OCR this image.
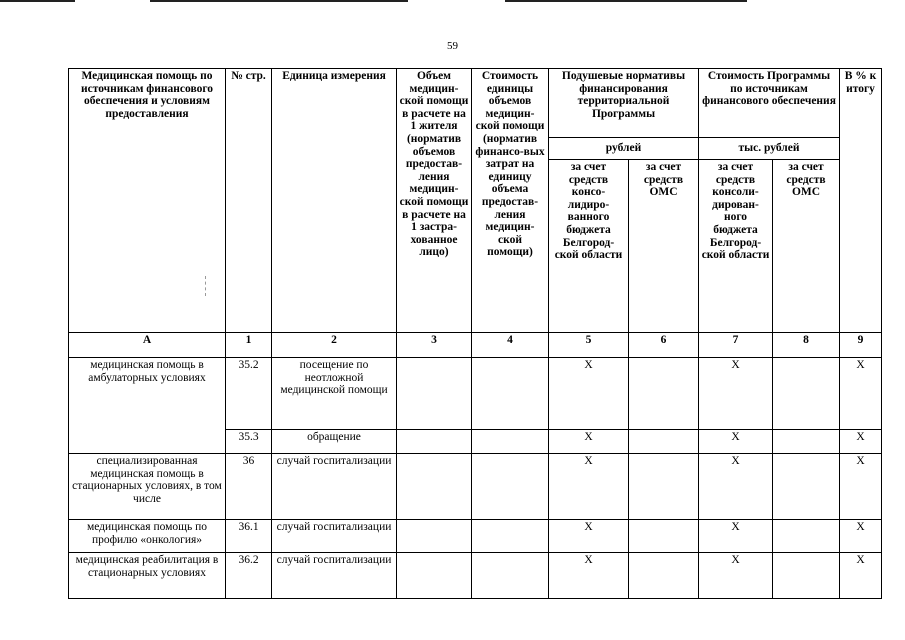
59
Медицинская помощь по источникам финансового обеспечения и условиям предоставления	№ стр.	Единица измерения	Объем медицин-ской помощи в расчете на 1 жителя (норматив объемов предостав-ления медицин-ской помощи в расчете на 1 застра-хованное лицо)	Стоимость единицы объемов медицин-ской помощи (норматив финансо-вых затрат на единицу объема предостав-ления медицин-ской помощи)	Подушевые нормативы финансирования территориальной Программы		Стоимость Программы по источникам финансового обеспечения		В % к итогу
					рублей		тыс. рублей		
					за счет средств консо-лидиро-ванного бюджета Белгород-ской области	за счет средств ОМС	за счет средств консоли-дирован-ного бюджета Белгород-ской области	за счет средств ОМС	
А	1	2	3	4	5	6	7	8	9
медицинская помощь в амбулаторных условиях	35.2	посещение по неотложной медицинской помощи			Х		Х		Х
	35.3	обращение			Х		Х		Х
специализированная медицинская помощь в стационарных условиях, в том числе	36	случай госпитализации			Х		Х		Х
медицинская помощь по профилю «онкология»	36.1	случай госпитализации			Х		Х		Х
медицинская реабилитация в стационарных условиях	36.2	случай госпитализации			Х		Х		Х
